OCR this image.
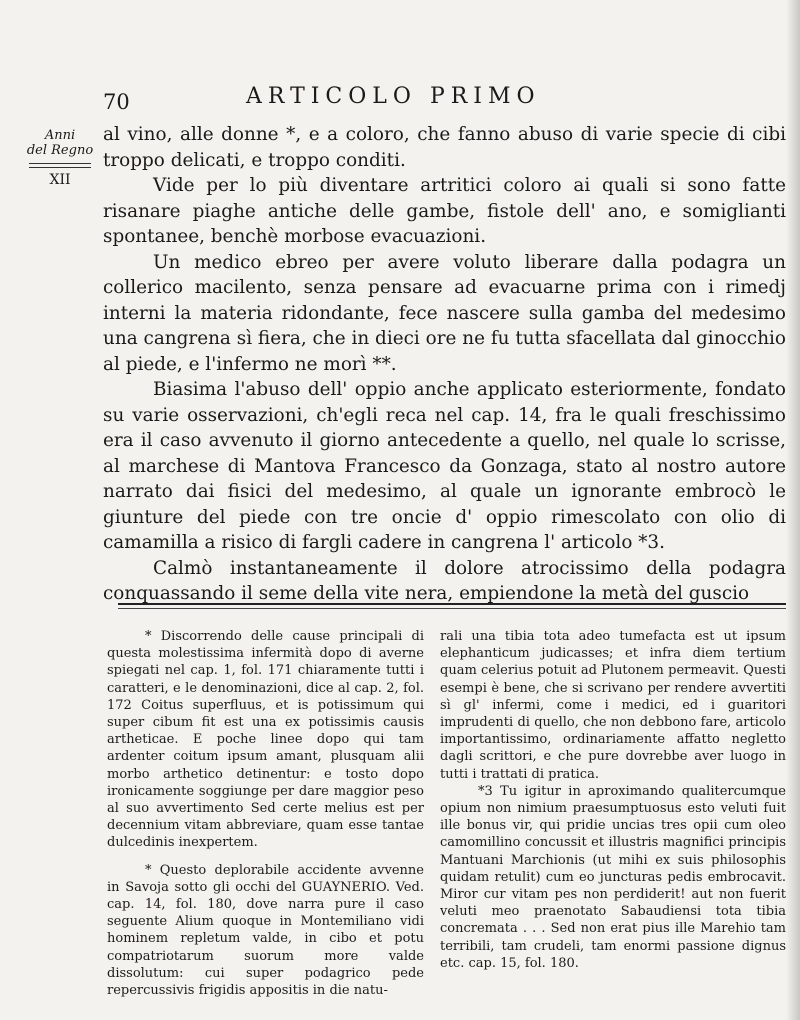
70	ARTICOLO PRIMO
Anni
del Regno
XII

al vino, alle donne *, e a coloro, che fanno abuso di varie specie di cibi troppo delicati, e troppo conditi.

Vide per lo più diventare artritici coloro ai quali si sono fatte risanare piaghe antiche delle gambe, fistole dell' ano, e somiglianti spontanee, benchè morbose evacuazioni.

Un medico ebreo per avere voluto liberare dalla podagra un collerico macilento, senza pensare ad evacuarne prima con i rimedj interni la materia ridondante, fece nascere sulla gamba del medesimo una cangrena sì fiera, che in dieci ore ne fu tutta sfacellata dal ginocchio al piede, e l'infermo ne morì **.

Biasima l'abuso dell' oppio anche applicato esteriormente, fondato su varie osservazioni, ch'egli reca nel cap. 14, fra le quali freschissimo era il caso avvenuto il giorno antecedente a quello, nel quale lo scrisse, al marchese di Mantova Francesco da Gonzaga, stato al nostro autore narrato dai fisici del medesimo, al quale un ignorante embrocò le giunture del piede con tre oncie d' oppio rimescolato con olio di camamilla a risico di fargli cadere in cangrena l' articolo *3.

Calmò instantaneamente il dolore atrocissimo della podagra conquassando il seme della vite nera, empiendone la metà del guscio

* Discorrendo delle cause principali di questa molestissima infermità dopo di averne spiegati nel cap. 1, fol. 171 chiaramente tutti i caratteri, e le denominazioni, dice al cap. 2, fol. 172 Coitus superfluus, et is potissimum qui super cibum fit est una ex potissimis causis artheticae. E poche linee dopo qui tam ardenter coitum ipsum amant, plusquam alii morbo artheticо detinentur: e tosto dopo ironicamente soggiunge per dare maggior peso al suo avvertimento Sed certe melius est per decennium vitam abbreviare, quam esse tantae dulcedinis inexpertem.

* Questo deplorabile accidente avvenne in Savoja sotto gli occhi del GUAYNERIO. Ved. cap. 14, fol. 180, dove narra pure il caso seguente Alium quoque in Montemiliano vidi hominem repletum valde, in cibo et potu compatriotarum suorum more valde dissolutum: cui super podagrico pede repercussivis frigidis appositis in die natu-

rali una tibia tota adeo tumefacta est ut ipsum elephanticum judicasses; et infra diem tertium quam celerius potuit ad Plutonem permeavit. Questi esempi è bene, che si scrivano per rendere avvertiti sì gl' infermi, come i medici, ed i guaritori imprudenti di quello, che non debbono fare, articolo importantissimo, ordinariamente affatto negletto dagli scrittori, e che pure dovrebbe aver luogo in tutti i trattati di pratica.

*3 Tu igitur in aproximando qualitercumque opium non nimium praesumptuosus esto veluti fuit ille bonus vir, qui pridie uncias tres opii cum oleo camomillino concussit et illustris magnifici principis Mantuani Marchionis (ut mihi ex suis philosophis quidam retulit) cum eo juncturas pedis embrocavit. Miror cur vitam pes non perdiderit! aut non fuerit veluti meo praenotato Sabaudiensi tota tibia concremata . . . Sed non erat pius ille Marehio tam terribili, tam crudeli, tam enormi passione dignus etc. cap. 15, fol. 180.
